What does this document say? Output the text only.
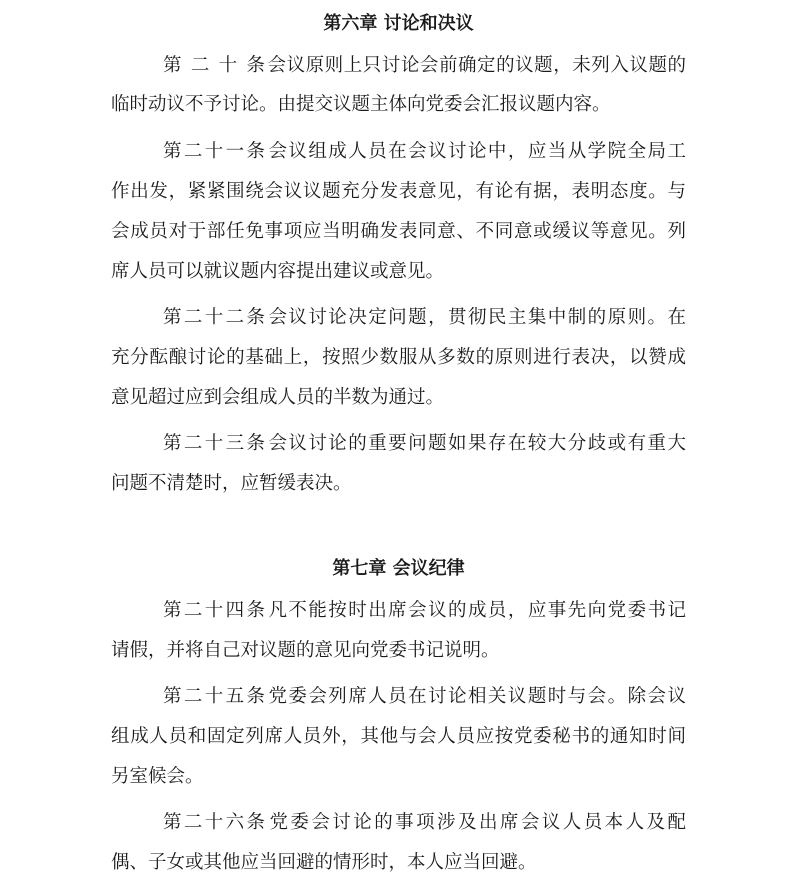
第六章 讨论和决议
第二十条会议原则上只讨论会前确定的议题，未列入议题的
临时动议不予讨论。由提交议题主体向党委会汇报议题内容。
第二十一条会议组成人员在会议讨论中，应当从学院全局工
作出发，紧紧围绕会议议题充分发表意见，有论有据，表明态度。与
会成员对于部任免事项应当明确发表同意、不同意或缓议等意见。列
席人员可以就议题内容提出建议或意见。
第二十二条会议讨论决定问题，贯彻民主集中制的原则。在
充分酝酿讨论的基础上，按照少数服从多数的原则进行表决，以赞成
意见超过应到会组成人员的半数为通过。
第二十三条会议讨论的重要问题如果存在较大分歧或有重大
问题不清楚时，应暂缓表决。
第七章 会议纪律
第二十四条凡不能按时出席会议的成员，应事先向党委书记
请假，并将自己对议题的意见向党委书记说明。
第二十五条党委会列席人员在讨论相关议题时与会。除会议
组成人员和固定列席人员外，其他与会人员应按党委秘书的通知时间
另室候会。
第二十六条党委会讨论的事项涉及出席会议人员本人及配
偶、子女或其他应当回避的情形时，本人应当回避。
